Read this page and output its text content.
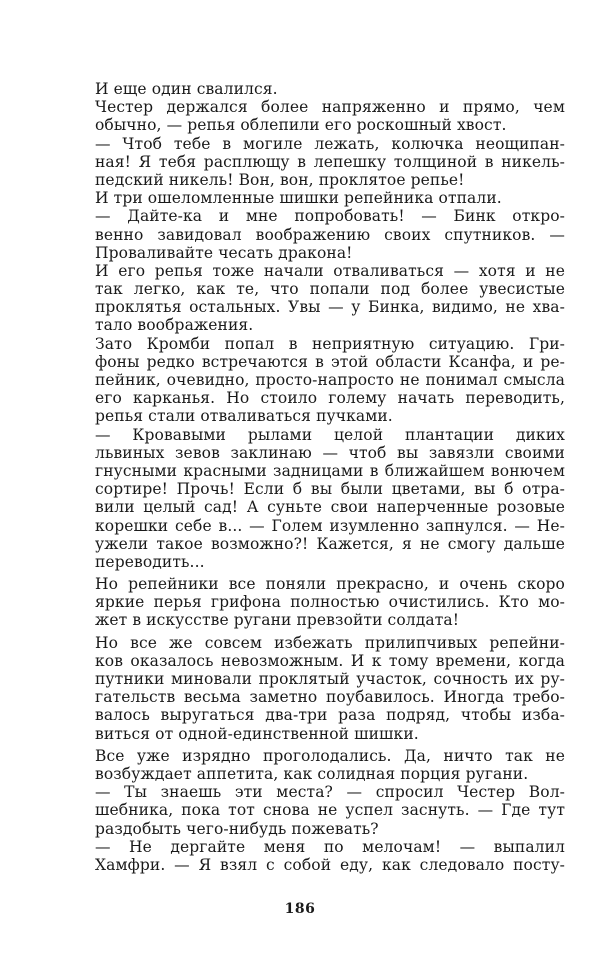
И еще один свалился.
Честер держался более напряженно и прямо, чем
обычно, — репья облепили его роскошный хвост.
— Чтоб тебе в могиле лежать, колючка неощипан-
ная! Я тебя расплющу в лепешку толщиной в никель-
педский никель! Вон, вон, проклятое репье!
И три ошеломленные шишки репейника отпали.
— Дайте-ка и мне попробовать! — Бинк откро-
венно завидовал воображению своих спутников. —
Проваливайте чесать дракона!
И его репья тоже начали отваливаться — хотя и не
так легко, как те, что попали под более увесистые
проклятья остальных. Увы — у Бинка, видимо, не хва-
тало воображения.
Зато Кромби попал в неприятную ситуацию. Гри-
фоны редко встречаются в этой области Ксанфа, и ре-
пейник, очевидно, просто-напросто не понимал смысла
его карканья. Но стоило голему начать переводить,
репья стали отваливаться пучками.
— Кровавыми рылами целой плантации диких
львиных зевов заклинаю — чтоб вы завязли своими
гнусными красными задницами в ближайшем вонючем
сортире! Прочь! Если б вы были цветами, вы б отра-
вили целый сад! А суньте свои наперченные розовые
корешки себе в... — Голем изумленно запнулся. — Не-
ужели такое возможно?! Кажется, я не смогу дальше
переводить...
Но репейники все поняли прекрасно, и очень скоро
яркие перья грифона полностью очистились. Кто мо-
жет в искусстве ругани превзойти солдата!
Но все же совсем избежать прилипчивых репейни-
ков оказалось невозможным. И к тому времени, когда
путники миновали проклятый участок, сочность их ру-
гательств весьма заметно поубавилось. Иногда требо-
валось выругаться два-три раза подряд, чтобы изба-
виться от одной-единственной шишки.
Все уже изрядно проголодались. Да, ничто так не
возбуждает аппетита, как солидная порция ругани.
— Ты знаешь эти места? — спросил Честер Вол-
шебника, пока тот снова не успел заснуть. — Где тут
раздобыть чего-нибудь пожевать?
— Не дергайте меня по мелочам! — выпалил
Хамфри. — Я взял с собой еду, как следовало посту-
186
